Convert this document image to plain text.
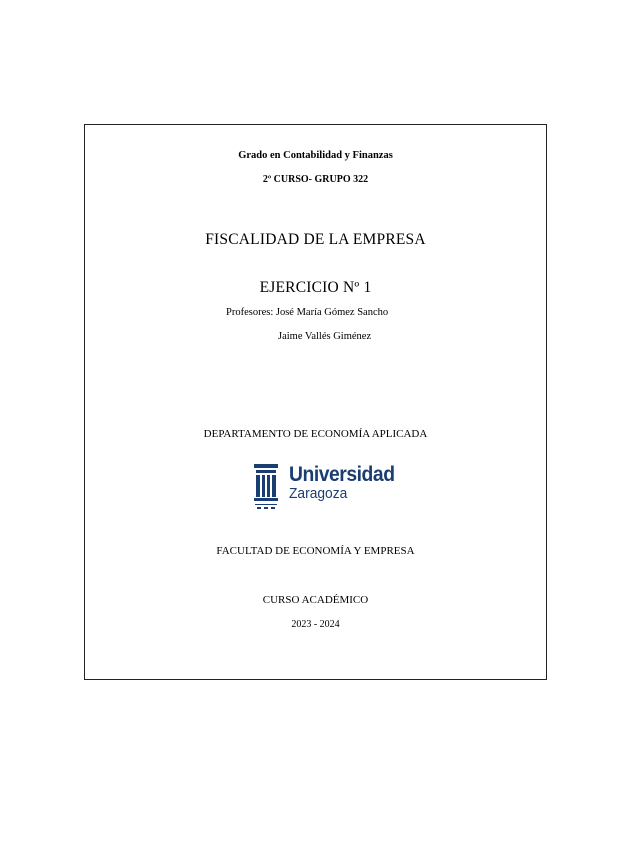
Grado en Contabilidad y Finanzas
2º CURSO- GRUPO 322
FISCALIDAD DE LA EMPRESA
EJERCICIO Nº 1
Profesores: José María Gómez Sancho
Jaime Vallés Giménez
DEPARTAMENTO DE ECONOMÍA APLICADA
Universidad
Zaragoza
FACULTAD DE ECONOMÍA Y EMPRESA
CURSO ACADÉMICO
2023 - 2024
